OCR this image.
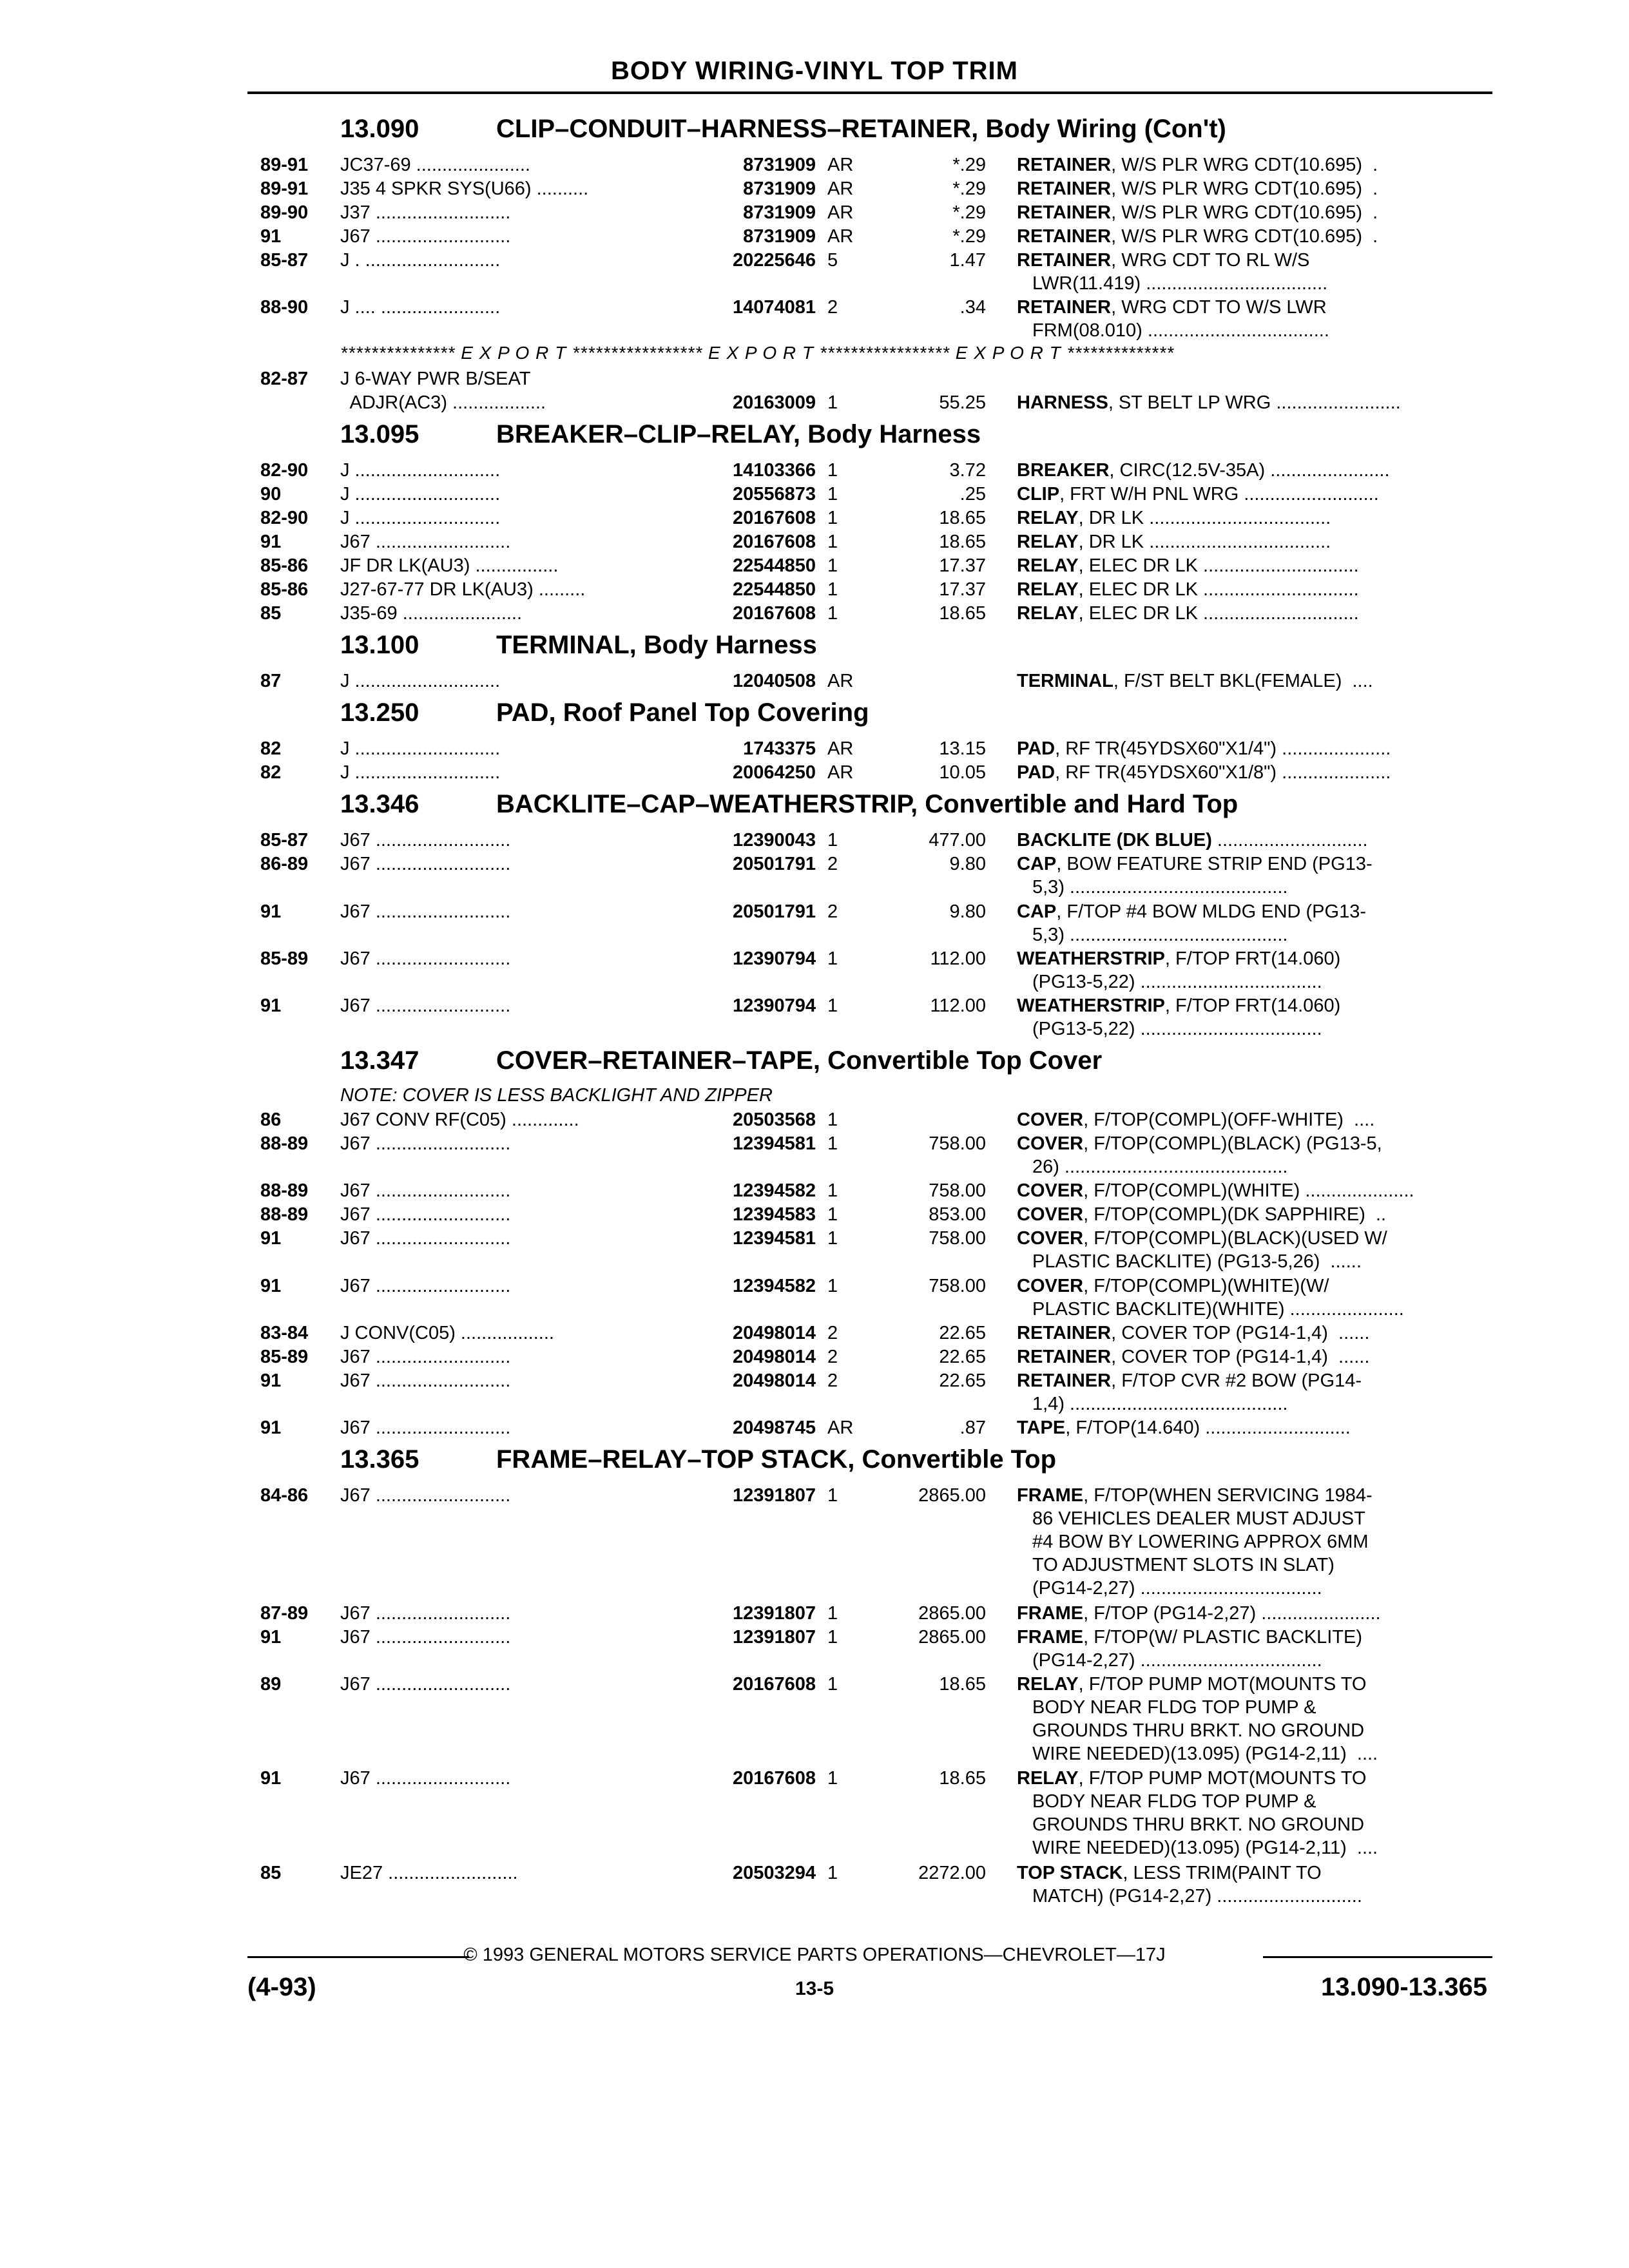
BODY WIRING-VINYL TOP TRIM
13.090	CLIP–CONDUIT–HARNESS–RETAINER, Body Wiring (Con't)
89-91	JC37-69 ......................	8731909 AR	*.29 RETAINER, W/S PLR WRG CDT(10.695)  .
89-91	J35 4 SPKR SYS(U66) ..........	8731909 AR	*.29 RETAINER, W/S PLR WRG CDT(10.695)  .
89-90	J37 ..........................	8731909 AR	*.29 RETAINER, W/S PLR WRG CDT(10.695)  .
91	J67 ..........................	8731909 AR	*.29 RETAINER, W/S PLR WRG CDT(10.695)  .
85-87	J . ..........................	20225646 5	1.47 RETAINER, WRG CDT TO RL W/S
LWR(11.419) ...................................
88-90	J .... .......................	14074081 2	.34 RETAINER, WRG CDT TO W/S LWR
FRM(08.010) ...................................
*************** E X P O R T ***************** E X P O R T ***************** E X P O R T **************
82-87	J 6-WAY PWR B/SEAT
ADJR(AC3) ..................	20163009 1	55.25 HARNESS, ST BELT LP WRG ........................
13.095	BREAKER–CLIP–RELAY, Body Harness
82-90	J ............................	14103366 1	3.72 BREAKER, CIRC(12.5V-35A) .......................
90	J ............................	20556873 1	.25 CLIP, FRT W/H PNL WRG ..........................
82-90	J ............................	20167608 1	18.65 RELAY, DR LK ...................................
91	J67 ..........................	20167608 1	18.65 RELAY, DR LK ...................................
85-86	JF DR LK(AU3) ................	22544850 1	17.37 RELAY, ELEC DR LK ..............................
85-86	J27-67-77 DR LK(AU3) .........	22544850 1	17.37 RELAY, ELEC DR LK ..............................
85	J35-69 .......................	20167608 1	18.65 RELAY, ELEC DR LK ..............................
13.100	TERMINAL, Body Harness
87	J ............................	12040508 AR	TERMINAL, F/ST BELT BKL(FEMALE)  ....
13.250	PAD, Roof Panel Top Covering
82	J ............................	1743375 AR	13.15 PAD, RF TR(45YDSX60"X1/4") .....................
82	J ............................	20064250 AR	10.05 PAD, RF TR(45YDSX60"X1/8") .....................
13.346	BACKLITE–CAP–WEATHERSTRIP, Convertible and Hard Top
85-87	J67 ..........................	12390043 1	477.00 BACKLITE (DK BLUE) .............................
86-89	J67 ..........................	20501791 2	9.80 CAP, BOW FEATURE STRIP END (PG13-
5,3) ..........................................
91	J67 ..........................	20501791 2	9.80 CAP, F/TOP #4 BOW MLDG END (PG13-
5,3) ..........................................
85-89	J67 ..........................	12390794 1	112.00 WEATHERSTRIP, F/TOP FRT(14.060)
(PG13-5,22) ...................................
91	J67 ..........................	12390794 1	112.00 WEATHERSTRIP, F/TOP FRT(14.060)
(PG13-5,22) ...................................
13.347	COVER–RETAINER–TAPE, Convertible Top Cover
NOTE: COVER IS LESS BACKLIGHT AND ZIPPER
86	J67 CONV RF(C05) .............	20503568 1	COVER, F/TOP(COMPL)(OFF-WHITE)  ....
88-89	J67 ..........................	12394581 1	758.00 COVER, F/TOP(COMPL)(BLACK) (PG13-5,
26) ...........................................
88-89	J67 ..........................	12394582 1	758.00 COVER, F/TOP(COMPL)(WHITE) .....................
88-89	J67 ..........................	12394583 1	853.00 COVER, F/TOP(COMPL)(DK SAPPHIRE)  ..
91	J67 ..........................	12394581 1	758.00 COVER, F/TOP(COMPL)(BLACK)(USED W/
PLASTIC BACKLITE) (PG13-5,26)  ......
91	J67 ..........................	12394582 1	758.00 COVER, F/TOP(COMPL)(WHITE)(W/
PLASTIC BACKLITE)(WHITE) ......................
83-84	J CONV(C05) ..................	20498014 2	22.65 RETAINER, COVER TOP (PG14-1,4)  ......
85-89	J67 ..........................	20498014 2	22.65 RETAINER, COVER TOP (PG14-1,4)  ......
91	J67 ..........................	20498014 2	22.65 RETAINER, F/TOP CVR #2 BOW (PG14-
1,4) ..........................................
91	J67 ..........................	20498745 AR	.87 TAPE, F/TOP(14.640) ............................
13.365	FRAME–RELAY–TOP STACK, Convertible Top
84-86	J67 ..........................	12391807 1	2865.00 FRAME, F/TOP(WHEN SERVICING 1984-
86 VEHICLES DEALER MUST ADJUST
#4 BOW BY LOWERING APPROX 6MM
TO ADJUSTMENT SLOTS IN SLAT)
(PG14-2,27) ...................................
87-89	J67 ..........................	12391807 1	2865.00 FRAME, F/TOP (PG14-2,27) .......................
91	J67 ..........................	12391807 1	2865.00 FRAME, F/TOP(W/ PLASTIC BACKLITE)
(PG14-2,27) ...................................
89	J67 ..........................	20167608 1	18.65 RELAY, F/TOP PUMP MOT(MOUNTS TO
BODY NEAR FLDG TOP PUMP &
GROUNDS THRU BRKT. NO GROUND
WIRE NEEDED)(13.095) (PG14-2,11)  ....
91	J67 ..........................	20167608 1	18.65 RELAY, F/TOP PUMP MOT(MOUNTS TO
BODY NEAR FLDG TOP PUMP &
GROUNDS THRU BRKT. NO GROUND
WIRE NEEDED)(13.095) (PG14-2,11)  ....
85	JE27 .........................	20503294 1	2272.00 TOP STACK, LESS TRIM(PAINT TO
MATCH) (PG14-2,27) ............................
© 1993 GENERAL MOTORS SERVICE PARTS OPERATIONS—CHEVROLET—17J
(4-93)	13-5	13.090-13.365
